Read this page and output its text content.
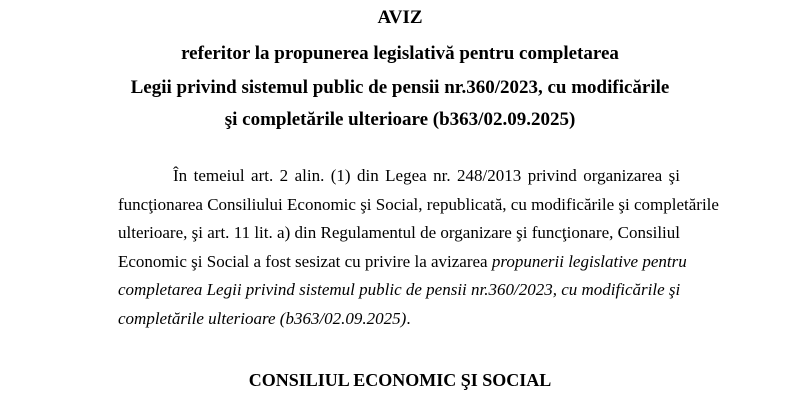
AVIZ
referitor la propunerea legislativă pentru completarea
Legii privind sistemul public de pensii nr.360/2023, cu modificările
şi completările ulterioare (b363/02.09.2025)
În temeiul art. 2 alin. (1) din Legea nr. 248/2013 privind organizarea şi
funcţionarea Consiliului Economic şi Social, republicată, cu modificările şi completările
ulterioare, şi art. 11 lit. a) din Regulamentul de organizare şi funcţionare, Consiliul
Economic şi Social a fost sesizat cu privire la avizarea propunerii legislative pentru
completarea Legii privind sistemul public de pensii nr.360/2023, cu modificările şi
completările ulterioare (b363/02.09.2025).
CONSILIUL ECONOMIC ŞI SOCIAL
